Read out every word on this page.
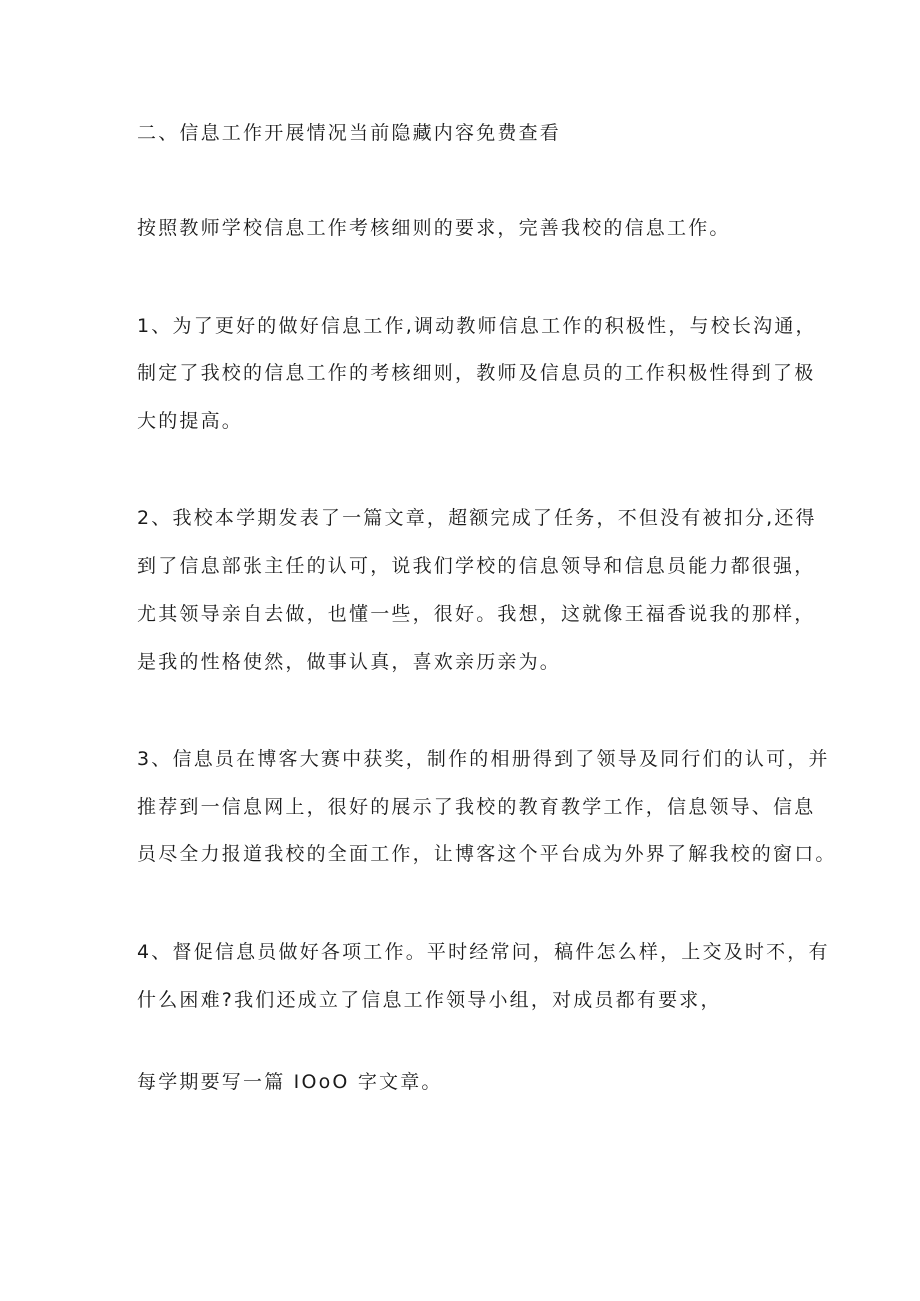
二、信息工作开展情况当前隐藏内容免费查看
按照教师学校信息工作考核细则的要求，完善我校的信息工作。
1、为了更好的做好信息工作,调动教师信息工作的积极性，与校长沟通，
制定了我校的信息工作的考核细则，教师及信息员的工作积极性得到了极
大的提高。
2、我校本学期发表了一篇文章，超额完成了任务，不但没有被扣分,还得
到了信息部张主任的认可，说我们学校的信息领导和信息员能力都很强，
尤其领导亲自去做，也懂一些，很好。我想，这就像王福香说我的那样，
是我的性格使然，做事认真，喜欢亲历亲为。
3、信息员在博客大赛中获奖，制作的相册得到了领导及同行们的认可，并
推荐到一信息网上，很好的展示了我校的教育教学工作，信息领导、信息
员尽全力报道我校的全面工作，让博客这个平台成为外界了解我校的窗口。
4、督促信息员做好各项工作。平时经常问，稿件怎么样，上交及时不，有
什么困难?我们还成立了信息工作领导小组，对成员都有要求，
每学期要写一篇 IOoO 字文章。
